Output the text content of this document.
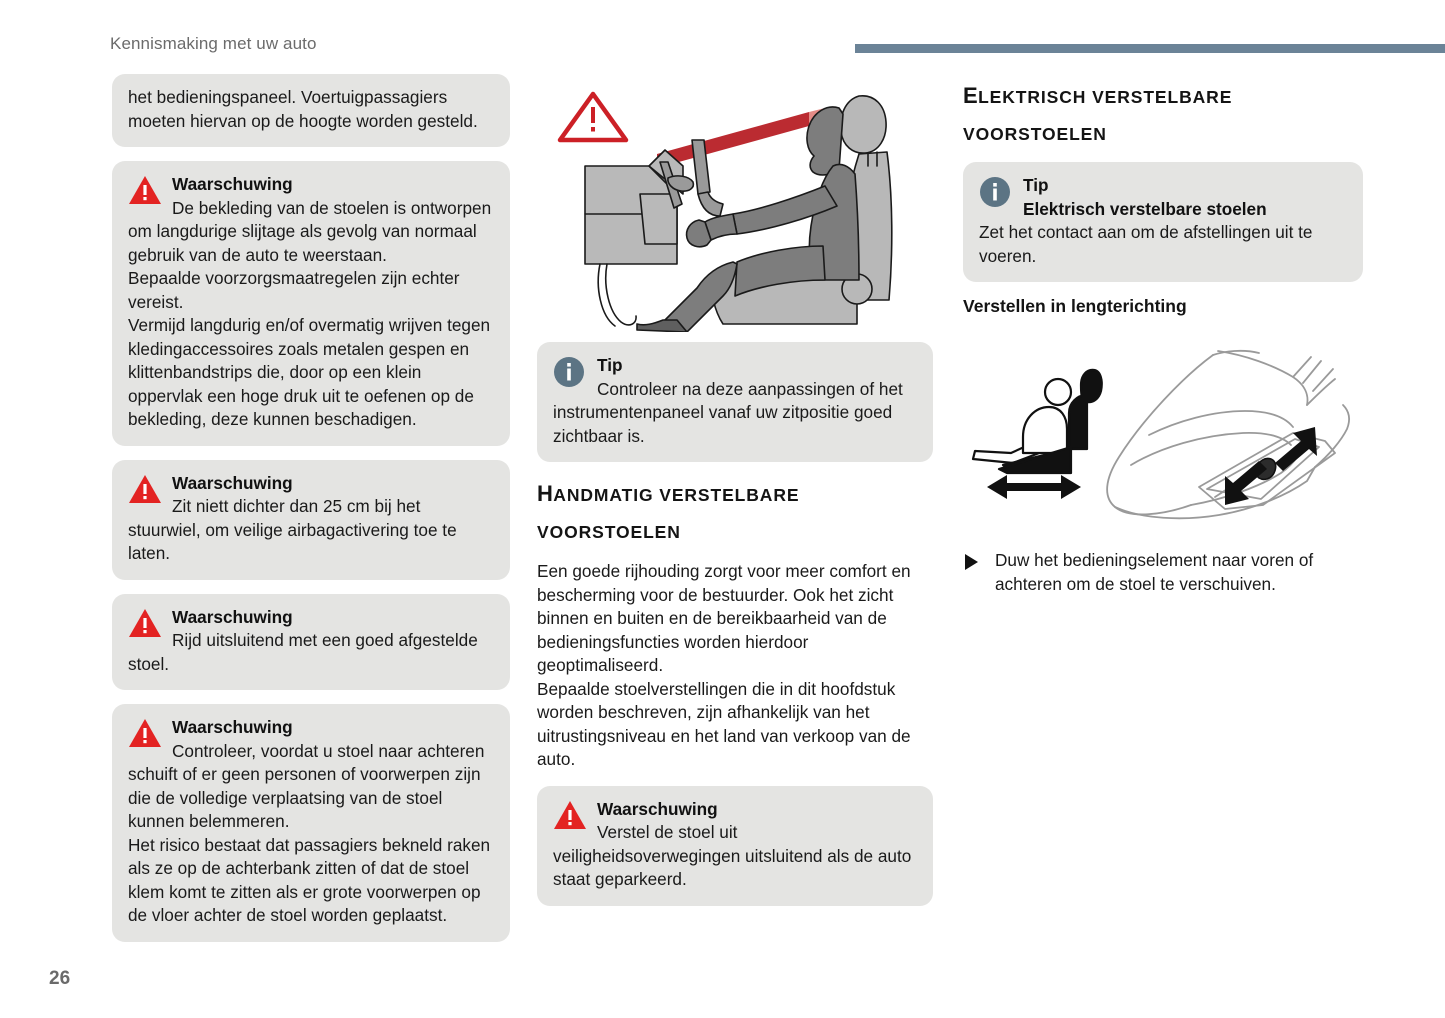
Kennismaking met uw auto
het bedieningspaneel. Voertuigpassagiers moeten hiervan op de hoogte worden gesteld.
Waarschuwing
De bekleding van de stoelen is ontworpen om langdurige slijtage als gevolg van normaal gebruik van de auto te weerstaan.
Bepaalde voorzorgsmaatregelen zijn echter vereist.
Vermijd langdurig en/of overmatig wrijven tegen kledingaccessoires zoals metalen gespen en klittenbandstrips die, door op een klein oppervlak een hoge druk uit te oefenen op de bekleding, deze kunnen beschadigen.
Waarschuwing
Zit niett dichter dan 25 cm bij het stuurwiel, om veilige airbagactivering toe te laten.
Waarschuwing
Rijd uitsluitend met een goed afgestelde stoel.
Waarschuwing
Controleer, voordat u stoel naar achteren schuift of er geen personen of voorwerpen zijn die de volledige verplaatsing van de stoel kunnen belemmeren.
Het risico bestaat dat passagiers bekneld raken als ze op de achterbank zitten of dat de stoel klem komt te zitten als er grote voorwerpen op de vloer achter de stoel worden geplaatst.
Tip
Controleer na deze aanpassingen of het instrumentenpaneel vanaf uw zitpositie goed zichtbaar is.
HANDMATIG VERSTELBARE
VOORSTOELEN
Een goede rijhouding zorgt voor meer comfort en bescherming voor de bestuurder. Ook het zicht binnen en buiten en de bereikbaarheid van de bedieningsfuncties worden hierdoor geoptimaliseerd.
Bepaalde stoelverstellingen die in dit hoofdstuk worden beschreven, zijn afhankelijk van het uitrustingsniveau en het land van verkoop van de auto.
Waarschuwing
Verstel de stoel uit veiligheidsoverwegingen uitsluitend als de auto staat geparkeerd.
ELEKTRISCH VERSTELBARE
VOORSTOELEN
Tip
Elektrisch verstelbare stoelen
Zet het contact aan om de afstellingen uit te voeren.
Verstellen in lengterichting
Duw het bedieningselement naar voren of achteren om de stoel te verschuiven.
26
